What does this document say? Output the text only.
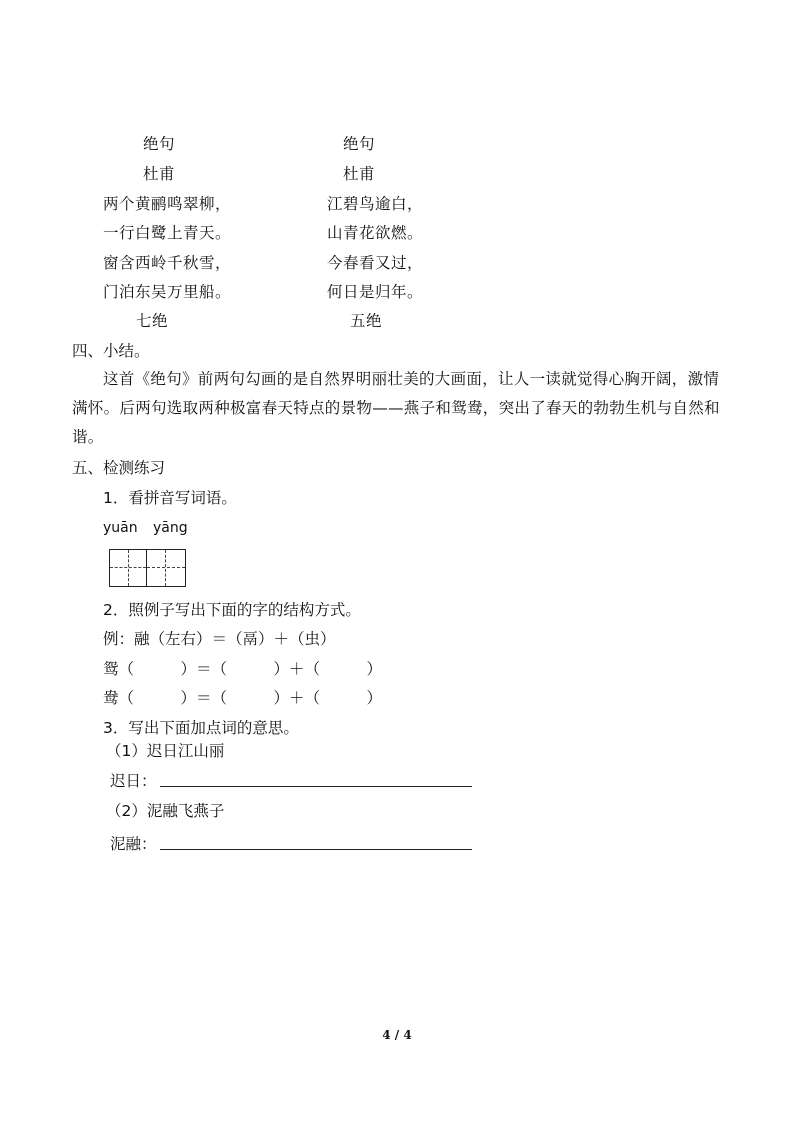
绝句
杜甫
两个黄鹂鸣翠柳，
一行白鹭上青天。
窗含西岭千秋雪，
门泊东吴万里船。
七绝
绝句
杜甫
江碧鸟逾白，
山青花欲燃。
今春看又过，
何日是归年。
五绝
四、小结。
这首《绝句》前两句勾画的是自然界明丽壮美的大画面，让人一读就觉得心胸开阔，激情满怀。后两句选取两种极富春天特点的景物——燕子和鸳鸯，突出了春天的勃勃生机与自然和谐。
五、检测练习
1．看拼音写词语。
yuān yāng
2．照例子写出下面的字的结构方式。
例：融（左右）＝（鬲）＋（虫）
鸳（　　　）＝（　　　）＋（　　　）
鸯（　　　）＝（　　　）＋（　　　）
3．写出下面加点词的意思。
（1）迟日江山丽
迟日：
（2）泥融飞燕子
泥融：
4 / 4
